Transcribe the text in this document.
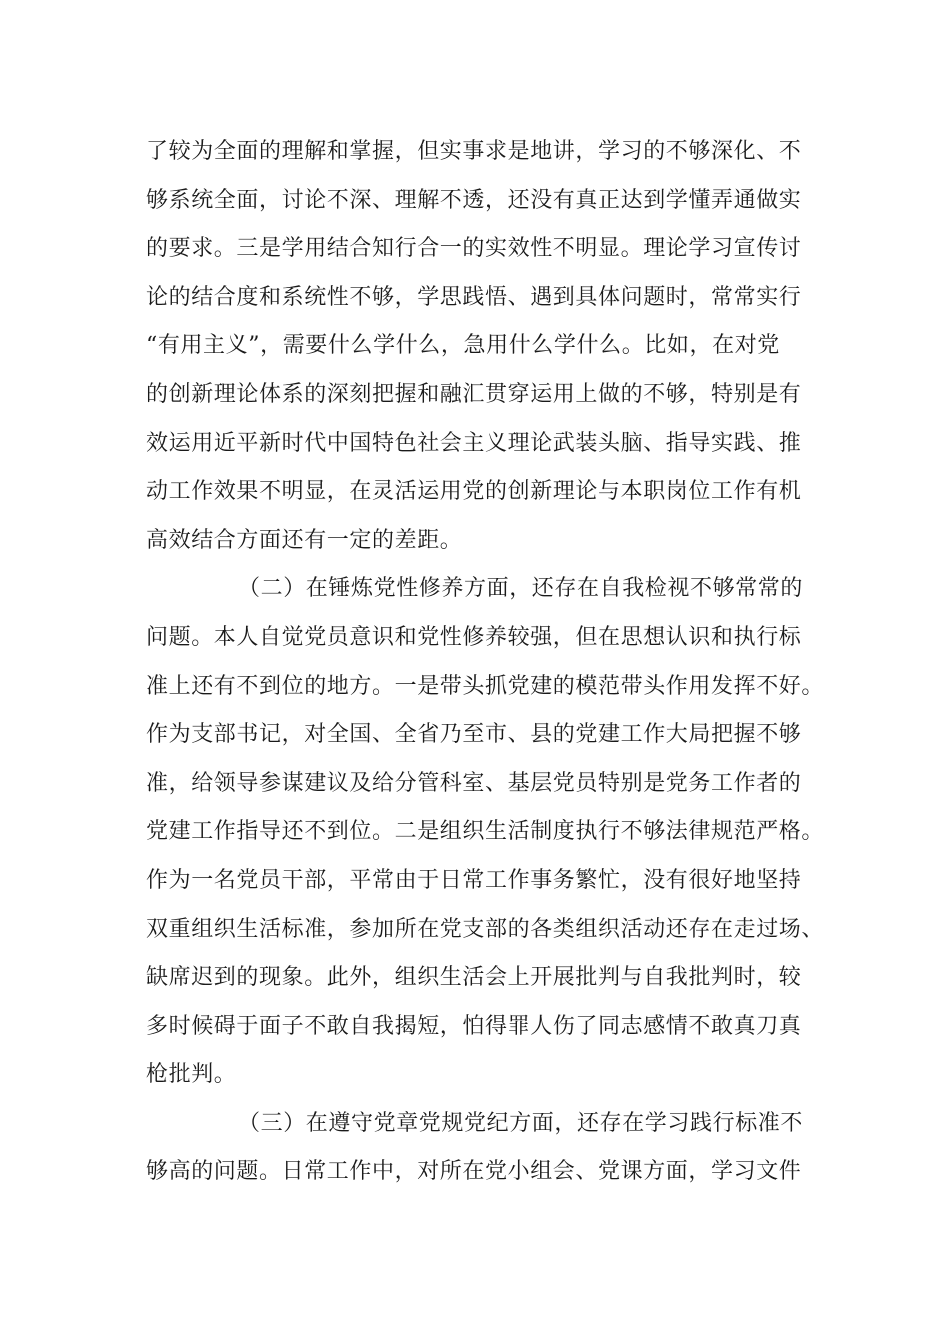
了较为全面的理解和掌握，但实事求是地讲，学习的不够深化、不
够系统全面，讨论不深、理解不透，还没有真正达到学懂弄通做实
的要求。三是学用结合知行合一的实效性不明显。理论学习宣传讨
论的结合度和系统性不够，学思践悟、遇到具体问题时，常常实行
“有用主义”，需要什么学什么，急用什么学什么。比如，在对党
的创新理论体系的深刻把握和融汇贯穿运用上做的不够，特别是有
效运用近平新时代中国特色社会主义理论武装头脑、指导实践、推
动工作效果不明显，在灵活运用党的创新理论与本职岗位工作有机
高效结合方面还有一定的差距。
（二）在锤炼党性修养方面，还存在自我检视不够常常的
问题。本人自觉党员意识和党性修养较强，但在思想认识和执行标
准上还有不到位的地方。一是带头抓党建的模范带头作用发挥不好。
作为支部书记，对全国、全省乃至市、县的党建工作大局把握不够
准，给领导参谋建议及给分管科室、基层党员特别是党务工作者的
党建工作指导还不到位。二是组织生活制度执行不够法律规范严格。
作为一名党员干部，平常由于日常工作事务繁忙，没有很好地坚持
双重组织生活标准，参加所在党支部的各类组织活动还存在走过场、
缺席迟到的现象。此外，组织生活会上开展批判与自我批判时，较
多时候碍于面子不敢自我揭短，怕得罪人伤了同志感情不敢真刀真
枪批判。
（三）在遵守党章党规党纪方面，还存在学习践行标准不
够高的问题。日常工作中，对所在党小组会、党课方面，学习文件
